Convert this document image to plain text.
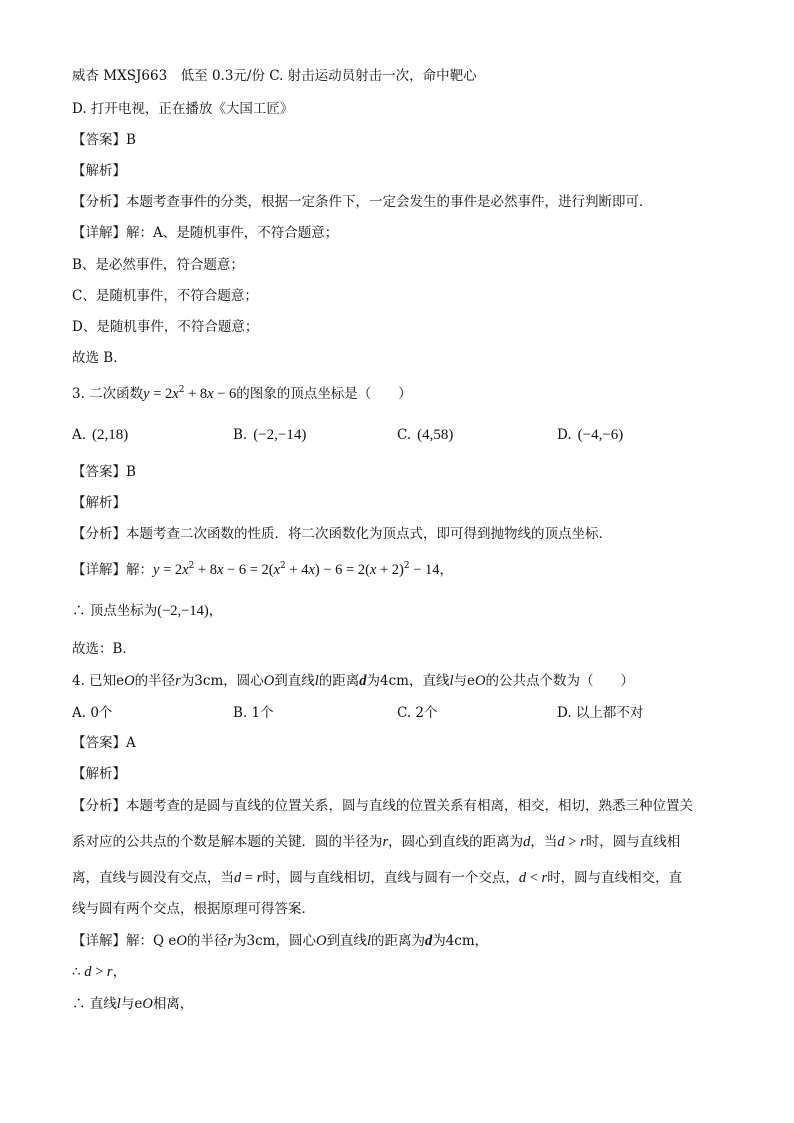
威杏 MXSJ663　低至 0.3元/份 C. 射击运动员射击一次，命中靶心
D. 打开电视，正在播放《大国工匠》
【答案】B
【解析】
【分析】本题考查事件的分类，根据一定条件下，一定会发生的事件是必然事件，进行判断即可．
【详解】解：A、是随机事件，不符合题意；
B、是必然事件，符合题意；
C、是随机事件，不符合题意；
D、是随机事件，不符合题意；
故选 B．
3. 二次函数$y = 2x^2 + 8x - 6$的图象的顶点坐标是（　　）
A. (2,18)	B. (−2,−14)	C. (4,58)	D. (−4,−6)
【答案】B
【解析】
【分析】本题考查二次函数的性质．将二次函数化为顶点式，即可得到抛物线的顶点坐标．
【详解】解：$y = 2x^2 + 8x - 6 = 2(x^2 + 4x) - 6 = 2(x + 2)^2 - 14$，
∴ 顶点坐标为(−2,−14)，
故选：B．
4. 已知eO的半径r为3cm，圆心O到直线l的距离d为4cm，直线l与eO的公共点个数为（　　）
A. 0个	B. 1个	C. 2个	D. 以上都不对
【答案】A
【解析】
【分析】本题考查的是圆与直线的位置关系，圆与直线的位置关系有相离，相交，相切，熟悉三种位置关
系对应的公共点的个数是解本题的关键．圆的半径为r，圆心到直线的距离为d，当d > r时，圆与直线相
离，直线与圆没有交点，当d = r时，圆与直线相切，直线与圆有一个交点，d < r时，圆与直线相交，直
线与圆有两个交点，根据原理可得答案．
【详解】解：Q eO的半径r为3cm，圆心O到直线l的距离为d为4cm，
∴ d > r，
∴ 直线l与eO相离，
